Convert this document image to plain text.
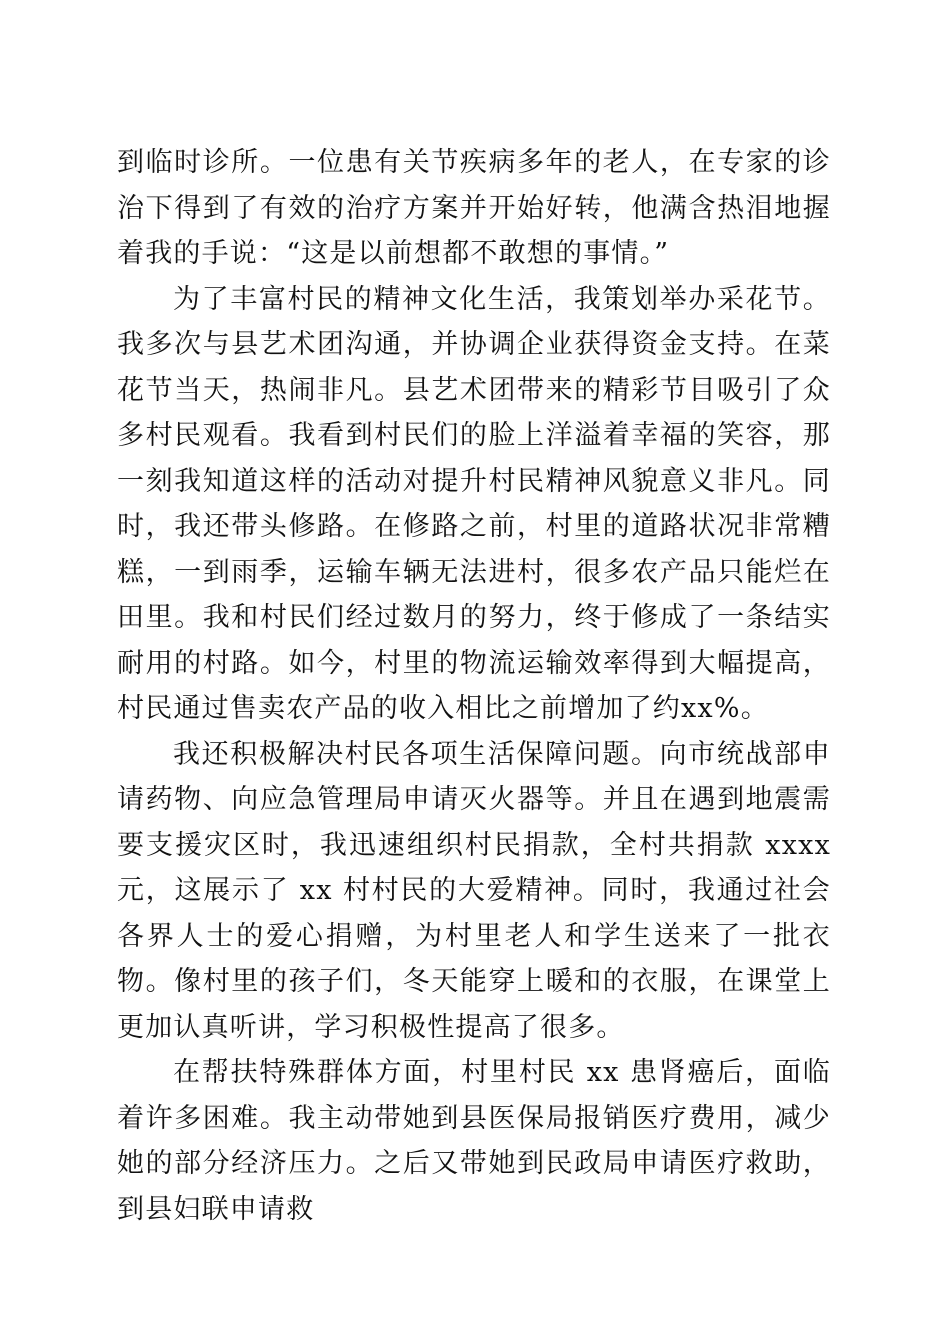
到临时诊所。一位患有关节疾病多年的老人，在专家的诊治下得到了有效的治疗方案并开始好转，他满含热泪地握着我的手说：“这是以前想都不敢想的事情。”

为了丰富村民的精神文化生活，我策划举办采花节。我多次与县艺术团沟通，并协调企业获得资金支持。在菜花节当天，热闹非凡。县艺术团带来的精彩节目吸引了众多村民观看。我看到村民们的脸上洋溢着幸福的笑容，那一刻我知道这样的活动对提升村民精神风貌意义非凡。同时，我还带头修路。在修路之前，村里的道路状况非常糟糕，一到雨季，运输车辆无法进村，很多农产品只能烂在田里。我和村民们经过数月的努力，终于修成了一条结实耐用的村路。如今，村里的物流运输效率得到大幅提高，村民通过售卖农产品的收入相比之前增加了约xx%。

我还积极解决村民各项生活保障问题。向市统战部申请药物、向应急管理局申请灭火器等。并且在遇到地震需要支援灾区时，我迅速组织村民捐款，全村共捐款 xxxx 元，这展示了 xx 村村民的大爱精神。同时，我通过社会各界人士的爱心捐赠，为村里老人和学生送来了一批衣物。像村里的孩子们，冬天能穿上暖和的衣服，在课堂上更加认真听讲，学习积极性提高了很多。

在帮扶特殊群体方面，村里村民 xx 患肾癌后，面临着许多困难。我主动带她到县医保局报销医疗费用，减少她的部分经济压力。之后又带她到民政局申请医疗救助，到县妇联申请救
